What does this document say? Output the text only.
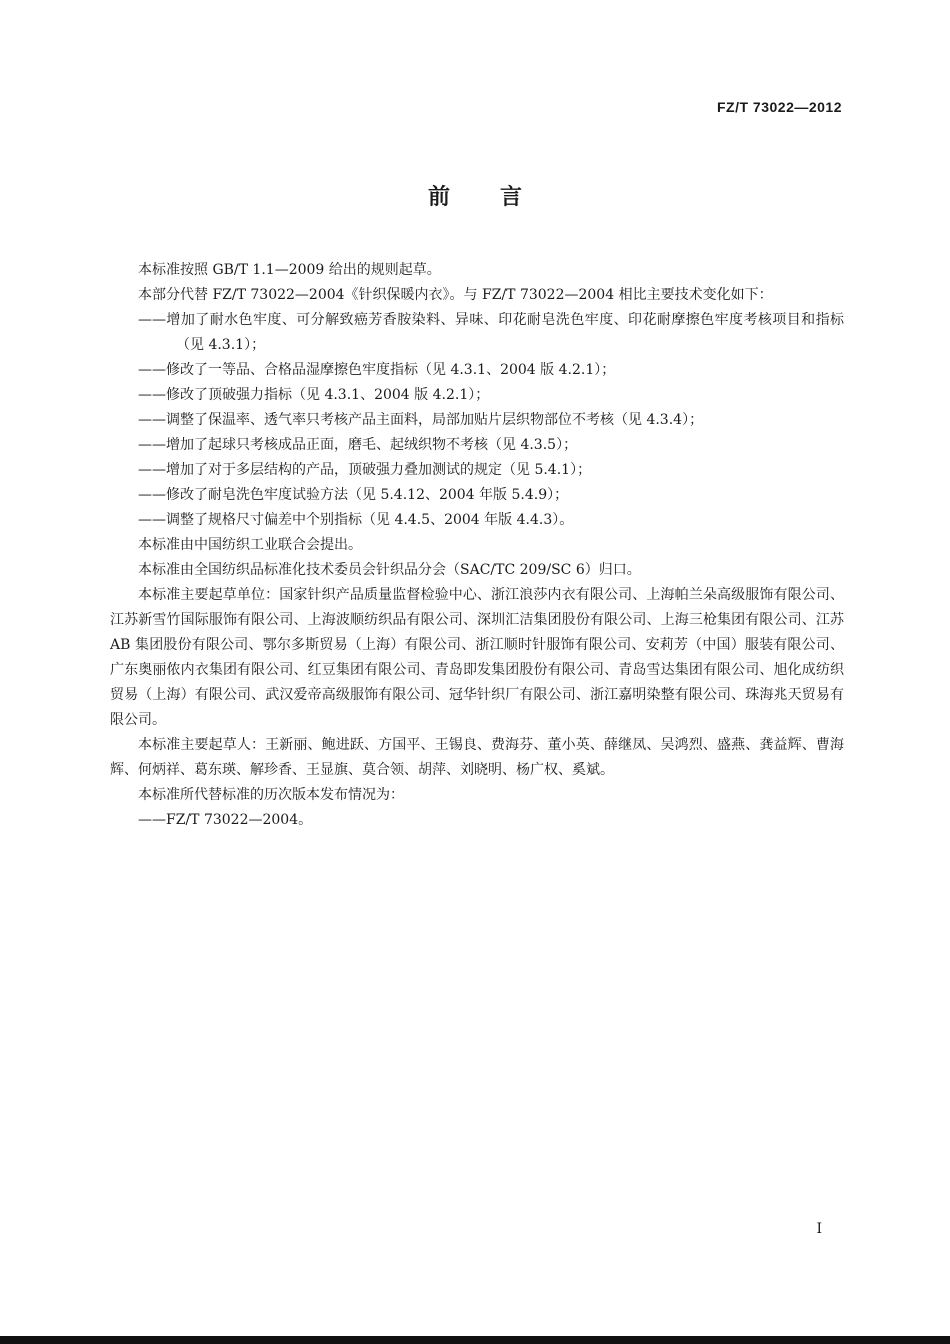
FZ/T 73022—2012
前言

本标准按照 GB/T 1.1—2009 给出的规则起草。

本部分代替 FZ/T 73022—2004《针织保暖内衣》。与 FZ/T 73022—2004 相比主要技术变化如下：

——增加了耐水色牢度、可分解致癌芳香胺染料、异味、印花耐皂洗色牢度、印花耐摩擦色牢度考核项目和指标（见 4.3.1）；

——修改了一等品、合格品湿摩擦色牢度指标（见 4.3.1、2004 版 4.2.1）；

——修改了顶破强力指标（见 4.3.1、2004 版 4.2.1）；

——调整了保温率、透气率只考核产品主面料，局部加贴片层织物部位不考核（见 4.3.4）；

——增加了起球只考核成品正面，磨毛、起绒织物不考核（见 4.3.5）；

——增加了对于多层结构的产品，顶破强力叠加测试的规定（见 5.4.1）；

——修改了耐皂洗色牢度试验方法（见 5.4.12、2004 年版 5.4.9）；

——调整了规格尺寸偏差中个别指标（见 4.4.5、2004 年版 4.4.3）。

本标准由中国纺织工业联合会提出。

本标准由全国纺织品标准化技术委员会针织品分会（SAC/TC 209/SC 6）归口。

本标准主要起草单位：国家针织产品质量监督检验中心、浙江浪莎内衣有限公司、上海帕兰朵高级服饰有限公司、江苏新雪竹国际服饰有限公司、上海波顺纺织品有限公司、深圳汇洁集团股份有限公司、上海三枪集团有限公司、江苏 AB 集团股份有限公司、鄂尔多斯贸易（上海）有限公司、浙江顺时针服饰有限公司、安莉芳（中国）服装有限公司、广东奥丽侬内衣集团有限公司、红豆集团有限公司、青岛即发集团股份有限公司、青岛雪达集团有限公司、旭化成纺织贸易（上海）有限公司、武汉爱帝高级服饰有限公司、冠华针织厂有限公司、浙江嘉明染整有限公司、珠海兆天贸易有限公司。

本标准主要起草人：王新丽、鲍进跃、方国平、王锡良、费海芬、董小英、薛继凤、吴鸿烈、盛燕、龚益辉、曹海辉、何炳祥、葛东瑛、解珍香、王显旗、莫合领、胡萍、刘晓明、杨广权、奚斌。

本标准所代替标准的历次版本发布情况为：

——FZ/T 73022—2004。

I
